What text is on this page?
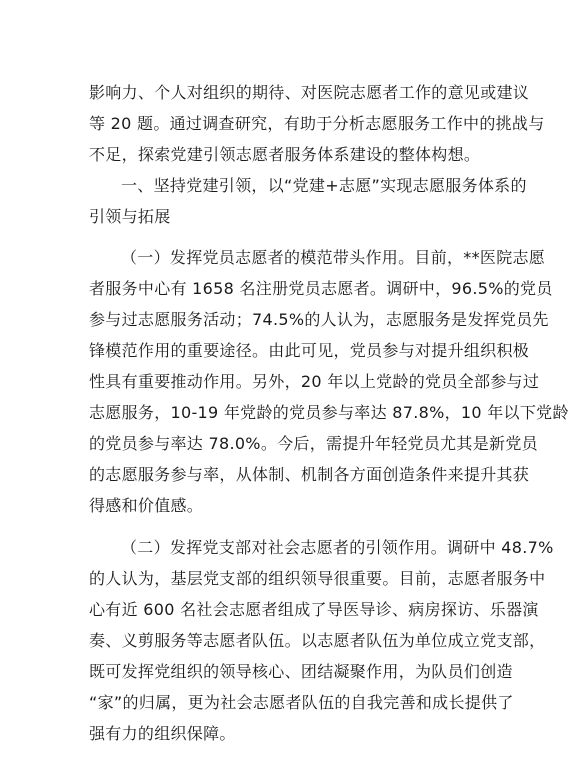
影响力、个人对组织的期待、对医院志愿者工作的意见或建议
等 20 题。通过调查研究，有助于分析志愿服务工作中的挑战与
不足，探索党建引领志愿者服务体系建设的整体构想。
一、坚持党建引领，以“党建+志愿”实现志愿服务体系的
引领与拓展
（一）发挥党员志愿者的模范带头作用。目前，**医院志愿
者服务中心有 1658 名注册党员志愿者。调研中，96.5%的党员
参与过志愿服务活动；74.5%的人认为，志愿服务是发挥党员先
锋模范作用的重要途径。由此可见，党员参与对提升组织积极
性具有重要推动作用。另外，20 年以上党龄的党员全部参与过
志愿服务，10-19 年党龄的党员参与率达 87.8%，10 年以下党龄
的党员参与率达 78.0%。今后，需提升年轻党员尤其是新党员
的志愿服务参与率，从体制、机制各方面创造条件来提升其获
得感和价值感。
（二）发挥党支部对社会志愿者的引领作用。调研中 48.7%
的人认为，基层党支部的组织领导很重要。目前，志愿者服务中
心有近 600 名社会志愿者组成了导医导诊、病房探访、乐器演
奏、义剪服务等志愿者队伍。以志愿者队伍为单位成立党支部，
既可发挥党组织的领导核心、团结凝聚作用，为队员们创造
“家”的归属，更为社会志愿者队伍的自我完善和成长提供了
强有力的组织保障。
